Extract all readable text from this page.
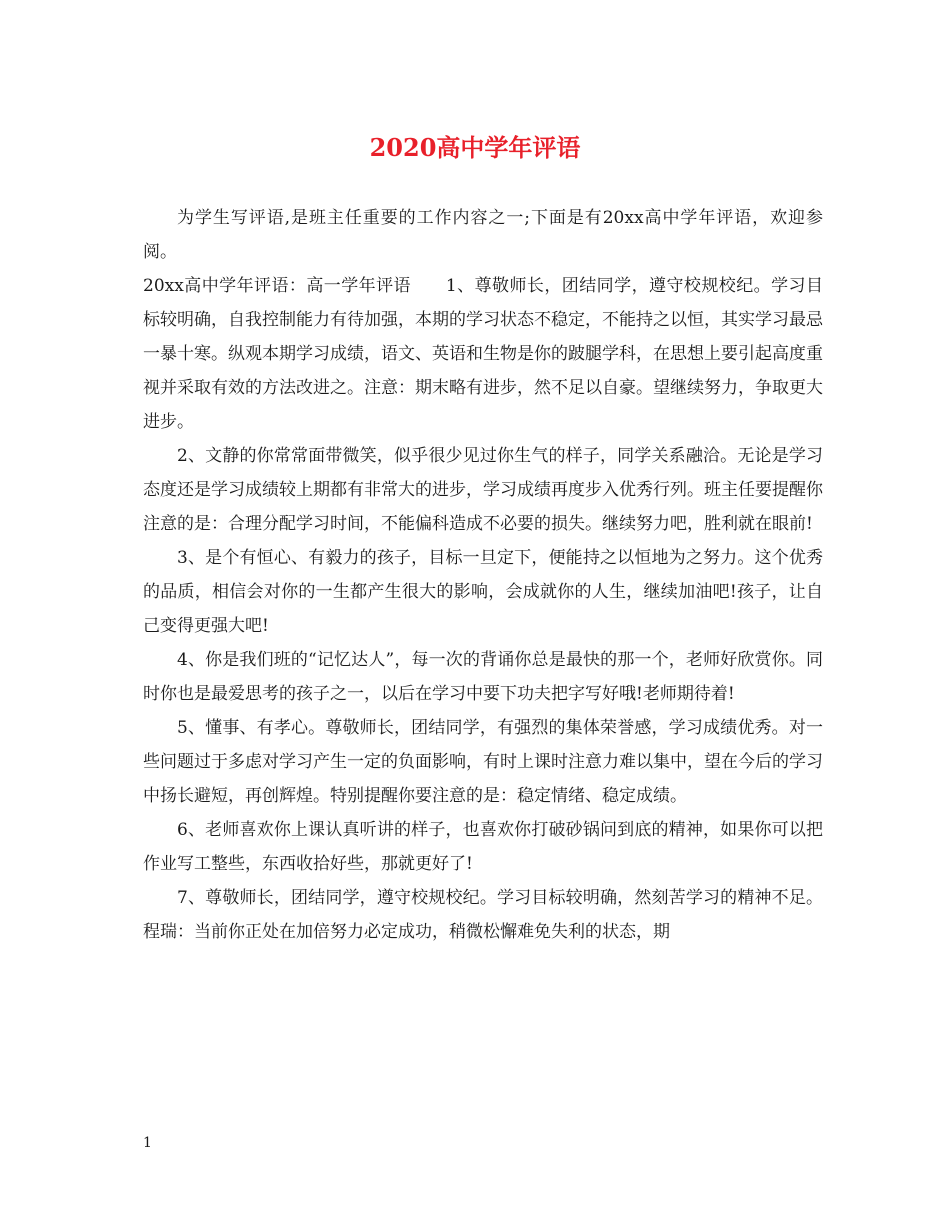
2020高中学年评语

为学生写评语,是班主任重要的工作内容之一;下面是有20xx高中学年评语，欢迎参阅。

20xx高中学年评语：高一学年评语　　1、尊敬师长，团结同学，遵守校规校纪。学习目标较明确，自我控制能力有待加强，本期的学习状态不稳定，不能持之以恒，其实学习最忌一暴十寒。纵观本期学习成绩，语文、英语和生物是你的跛腿学科，在思想上要引起高度重视并采取有效的方法改进之。注意：期末略有进步，然不足以自豪。望继续努力，争取更大进步。

2、文静的你常常面带微笑，似乎很少见过你生气的样子，同学关系融洽。无论是学习态度还是学习成绩较上期都有非常大的进步，学习成绩再度步入优秀行列。班主任要提醒你注意的是：合理分配学习时间，不能偏科造成不必要的损失。继续努力吧，胜利就在眼前!

3、是个有恒心、有毅力的孩子，目标一旦定下，便能持之以恒地为之努力。这个优秀的品质，相信会对你的一生都产生很大的影响，会成就你的人生，继续加油吧!孩子，让自己变得更强大吧!

4、你是我们班的“记忆达人”，每一次的背诵你总是最快的那一个，老师好欣赏你。同时你也是最爱思考的孩子之一，以后在学习中要下功夫把字写好哦!老师期待着!

5、懂事、有孝心。尊敬师长，团结同学，有强烈的集体荣誉感，学习成绩优秀。对一些问题过于多虑对学习产生一定的负面影响，有时上课时注意力难以集中，望在今后的学习中扬长避短，再创辉煌。特别提醒你要注意的是：稳定情绪、稳定成绩。

6、老师喜欢你上课认真听讲的样子，也喜欢你打破砂锅问到底的精神，如果你可以把作业写工整些，东西收拾好些，那就更好了!

7、尊敬师长，团结同学，遵守校规校纪。学习目标较明确，然刻苦学习的精神不足。程瑞：当前你正处在加倍努力必定成功，稍微松懈难免失利的状态，期

1
